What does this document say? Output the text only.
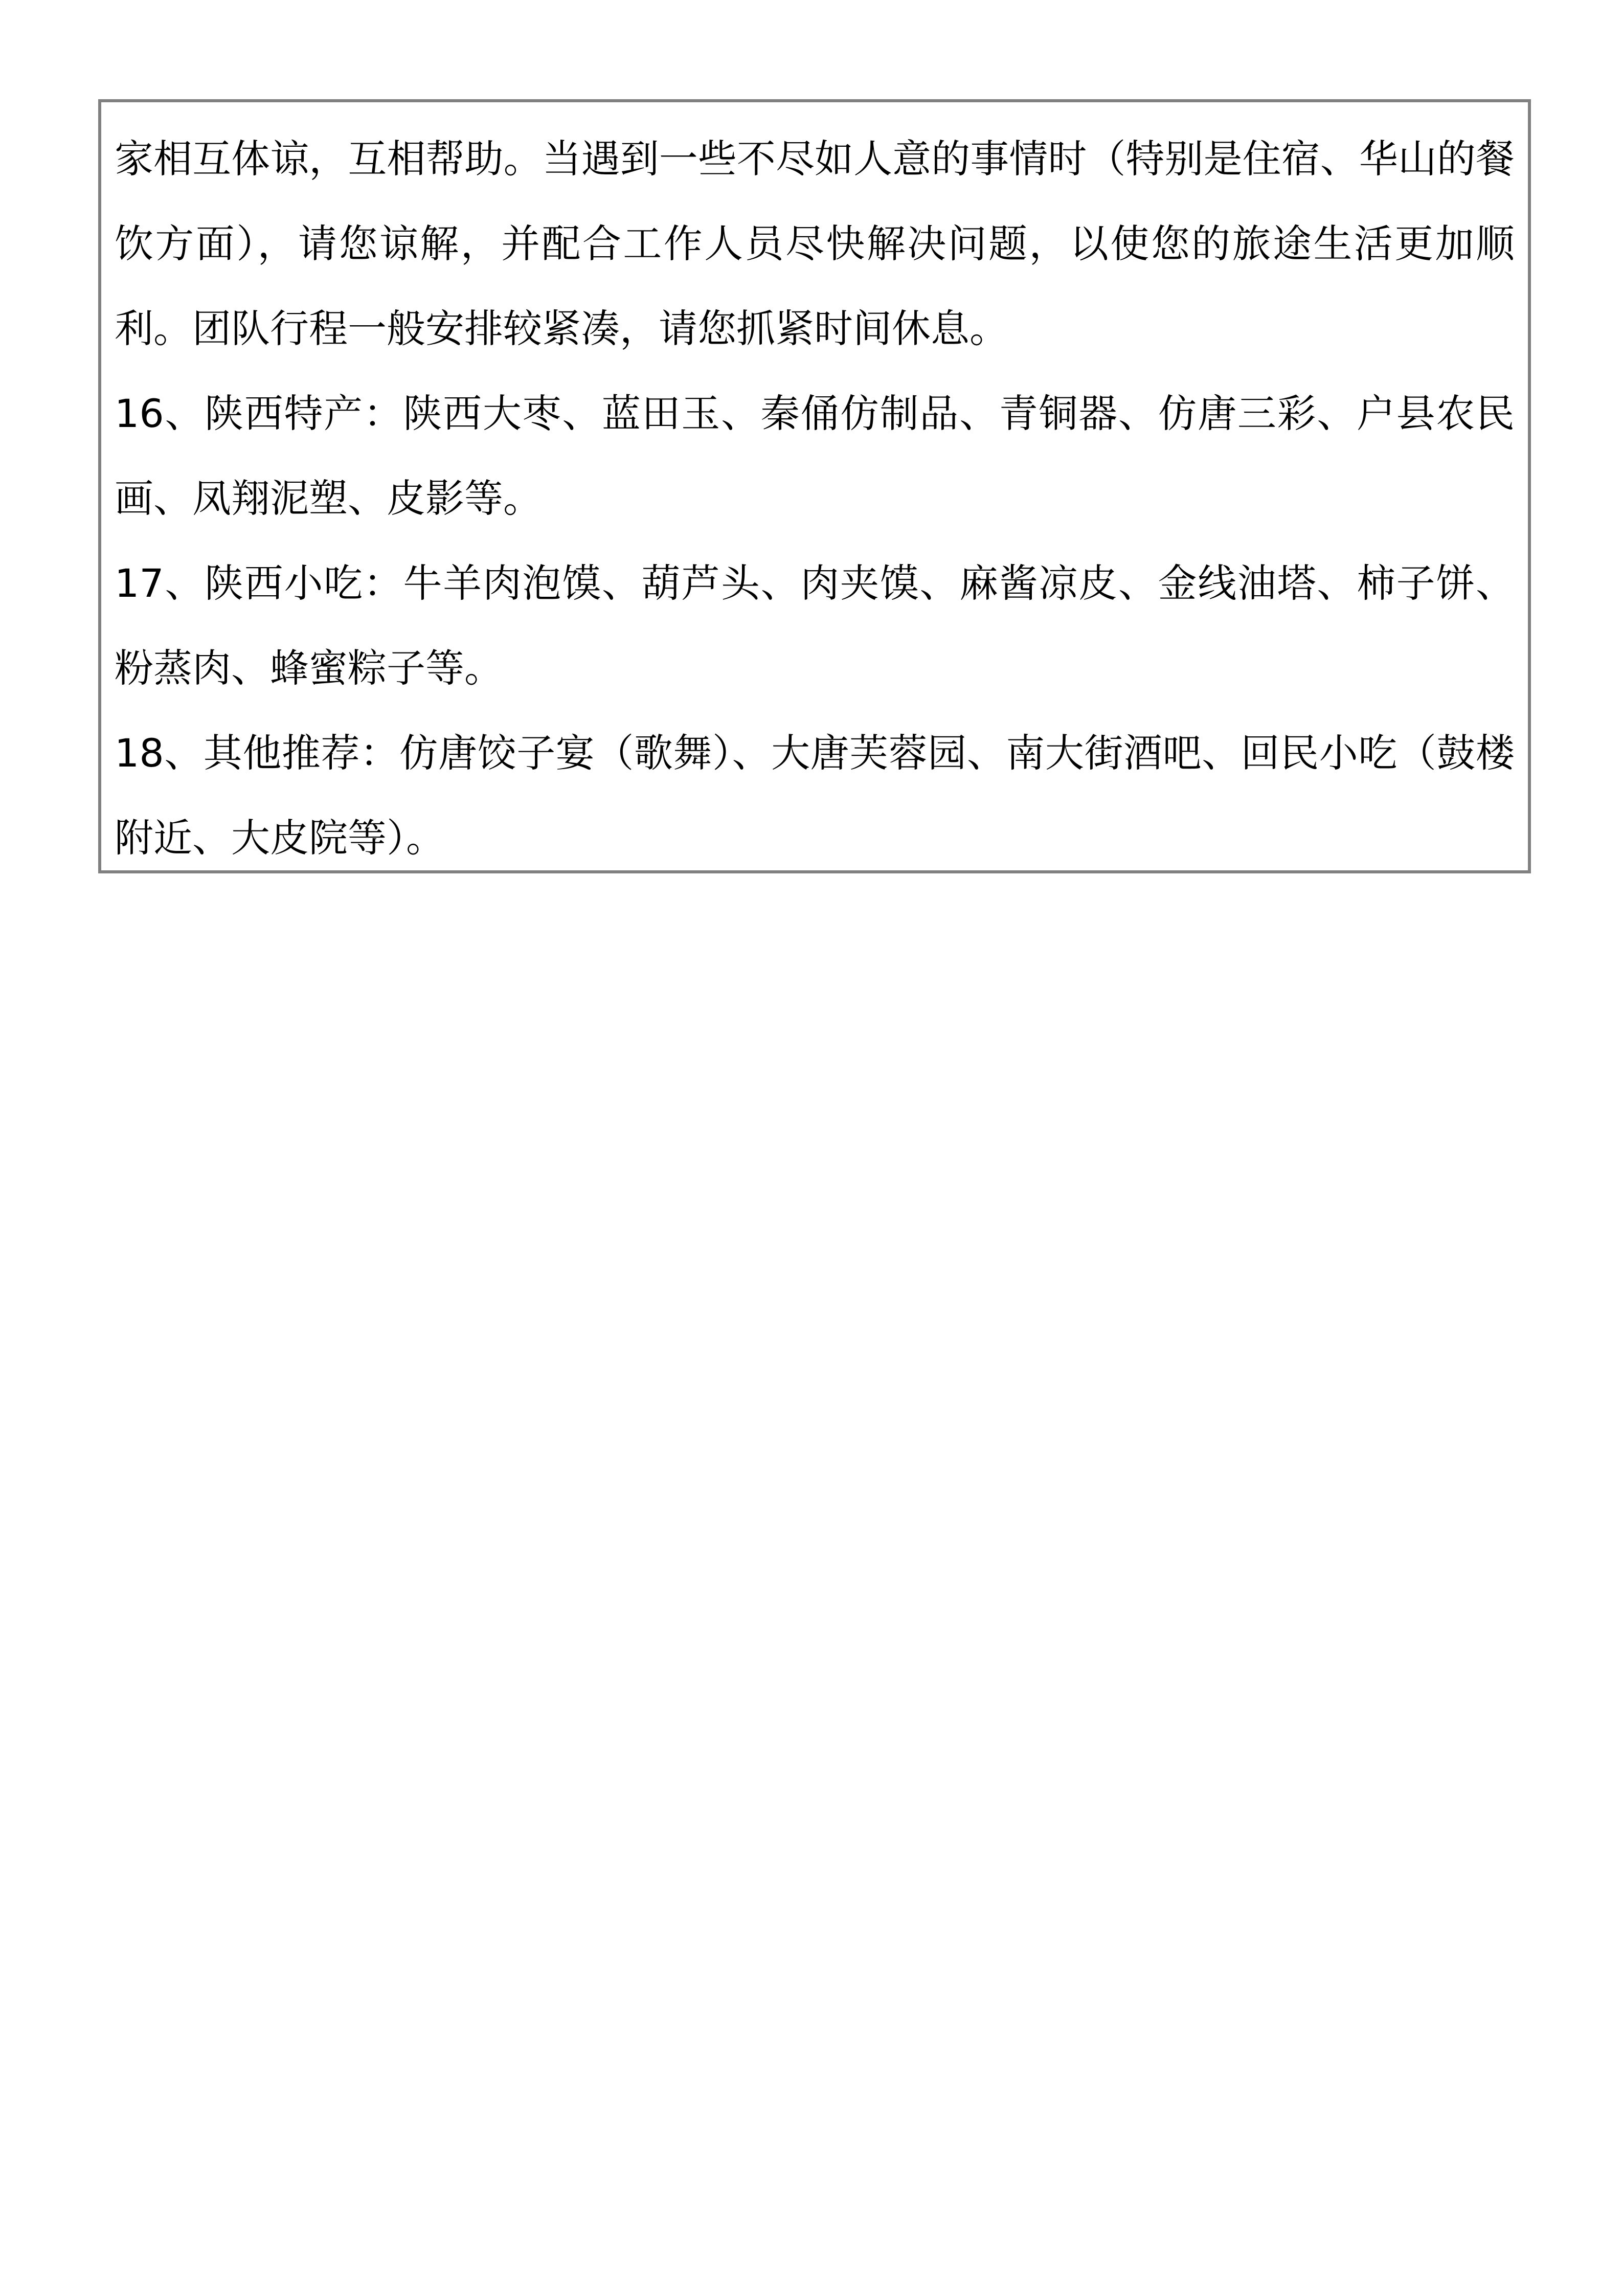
家相互体谅，互相帮助。当遇到一些不尽如人意的事情时（特别是住宿、华山的餐饮方面），请您谅解，并配合工作人员尽快解决问题，以使您的旅途生活更加顺利。团队行程一般安排较紧凑，请您抓紧时间休息。

16、陕西特产：陕西大枣、蓝田玉、秦俑仿制品、青铜器、仿唐三彩、户县农民画、凤翔泥塑、皮影等。

17、陕西小吃：牛羊肉泡馍、葫芦头、肉夹馍、麻酱凉皮、金线油塔、柿子饼、粉蒸肉、蜂蜜粽子等。

18、其他推荐：仿唐饺子宴（歌舞）、大唐芙蓉园、南大街酒吧、回民小吃（鼓楼附近、大皮院等）。
